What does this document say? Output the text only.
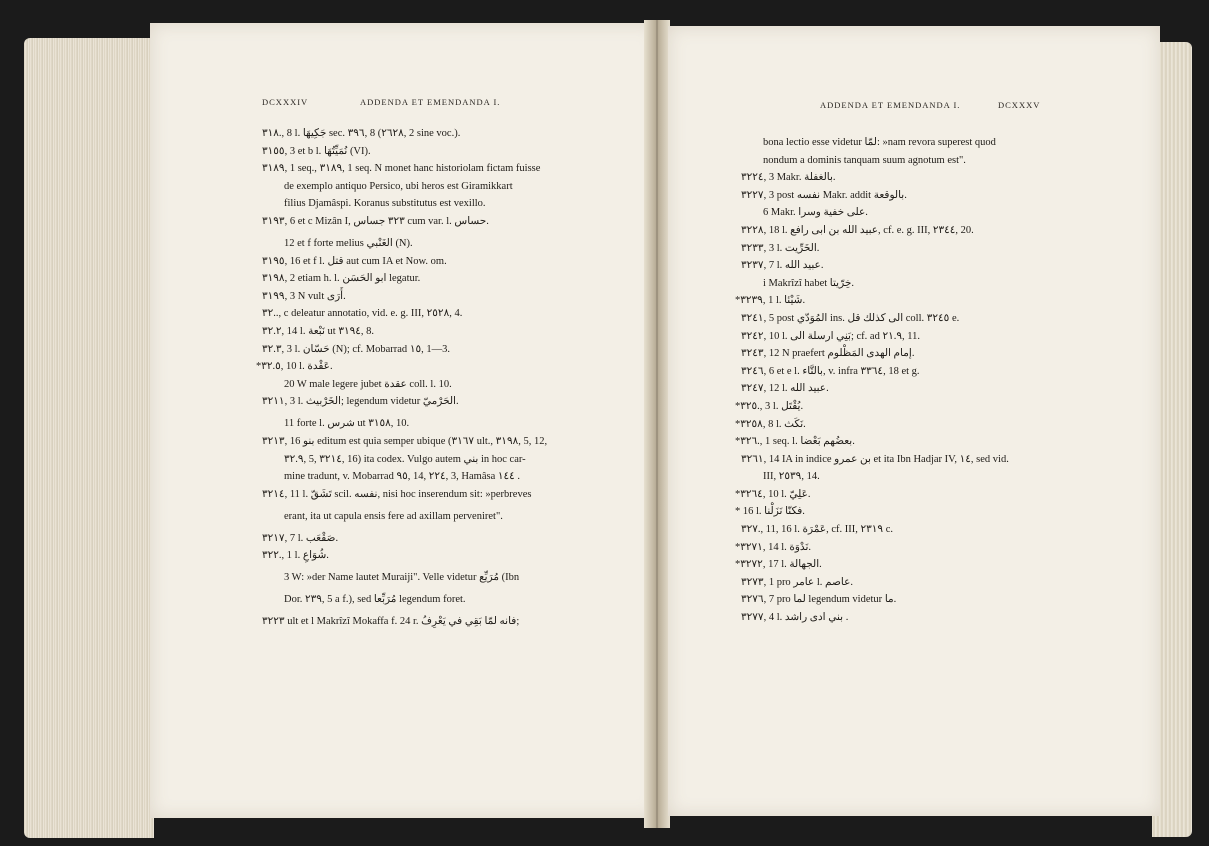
DCXXXIV	ADDENDA ET EMENDANDA I.
٣١٨., 8 l. جَكِيهَا sec. ٣٩٦, 8 (٢٦٢٨, 2 sine voc.).
٣١٥٥, 3 et b l. نُمَيِّتُهَا (VI).
٣١٨٩, 1 seq., ٣١٨٩, 1 seq. N monet hanc historiolam fictam fuisse
de exemplo antiquo Persico, ubi heros est Giramikkart
filius Djamâspi. Koranus substitutus est vexillo.
٣١٩٣, 6 et c Mizân I, ٣٢٣ جساس cum var. l. حساس.
12 et f forte melius الغَنْبي (N).
٣١٩٥, 16 et f l. قتل aut cum IA et Now. om.
٣١٩٨, 2 etiam h. l. ابو الحَسَن legatur.
٣١٩٩, 3 N vult أَرَى.
٣٢.., c deleatur annotatio, vid. e. g. III, ٢٥٢٨, 4.
٣٢.٢, 14 l. نَبْعة ut ٣١٩٤, 8.
٣٢.٣, 3 l. حَسّان (N); cf. Mobarrad ١٥, 1—3.
*٣٢.٥, 10 l. عَقْدة.
20 W male legere jubet عقدة coll. l. 10.
٣٢١١, 3 l. الخَرْبيث; legendum videtur الحَرْميّ.
11 forte l. شرس ut ٣١٥٨, 10.
٣٢١٣, 16 بنو editum est quia semper ubique (٣١٦٧ ult., ٣١٩٨, 5, 12,
٣٢.٩, 5, ٣٢١٤, 16) ita codex. Vulgo autem بني in hoc car-
mine tradunt, v. Mobarrad ٩٥, 14, ٢٢٤, 3, Hamâsa ١٤٤ .
٣٢١٤, 11 l. تَشَقّ scil. نفسه, nisi hoc inserendum sit: »perbreves
erant, ita ut capula ensis fere ad axillam perveniret".
٣٢١٧, 7 l. صَقْعَب.
٣٢٢., 1 l. شُوَاعِ.
3 W: »der Name lautet Muraiji". Velle videtur مُرَيِّع (Ibn
Dor. ٢٣٩, 5 a f.), sed مُرَبِّعا legendum foret.
٣٢٢٣ ult et l Makrîzî Mokaffa f. 24 r. فانه لمّا بَقِي في يَعْرِفُ;
ADDENDA ET EMENDANDA I.	DCXXXV
bona lectio esse videtur لمّا: »nam revora superest quod
nondum a dominis tanquam suum agnotum est".
٣٢٢٤, 3 Makr. بالغفلة.
٣٢٢٧, 3 post نفسه Makr. addit بالوقعة.
6 Makr. على خفية وسرا.
٣٢٢٨, 18 l. عبيد الله بن ابى رافع, cf. e. g. III, ٢٣٤٤, 20.
٣٢٣٣, 3 l. الخَرِّيت.
٣٢٣٧, 7 l. عبيد الله.
i Makrîzî habet خِرّيتا.
*٣٢٣٩, 1 l. شَيْئا.
٣٢٤١, 5 post المُوَدّي ins. الى كذلك قل coll. ٣٢٤٥ e.
٣٢٤٢, 10 l. بَنِي ارسلة الى; cf. ad ٢١.٩, 11.
٣٢٤٣, 12 N praefert إمام الهدى المَظْلوم.
٣٢٤٦, 6 et e l. بالتَّاء, v. infra ٣٣٦٤, 18 et g.
٣٢٤٧, 12 l. عبيد الله.
*٣٢٥., 3 l. يُقْتَل.
*٣٢٥٨, 8 l. نَكَث.
*٣٢٦., 1 seq. l. بعضُهم بَعْضا.
٣٢٦١, 14 IA in indice بن عمرو et ita Ibn Hadjar IV, ١٤, sed vid.
III, ٢٥٣٩, 14.
*٣٢٦٤, 10 l. عَلِيّ.
* 16 l. فكنّا نَزَلْنا.
٣٢٧., 11, 16 l. عَمْرَة, cf. III, ٢٣١٩ c.
*٣٢٧١, 14 l. نَدْوَة.
*٣٢٧٢, 17 l. الجهالة.
٣٢٧٣, 1 pro عامر l. عاصم.
٣٢٧٦, 7 pro لما legendum videtur ما.
٣٢٧٧, 4 l. بني ادى راشد .
